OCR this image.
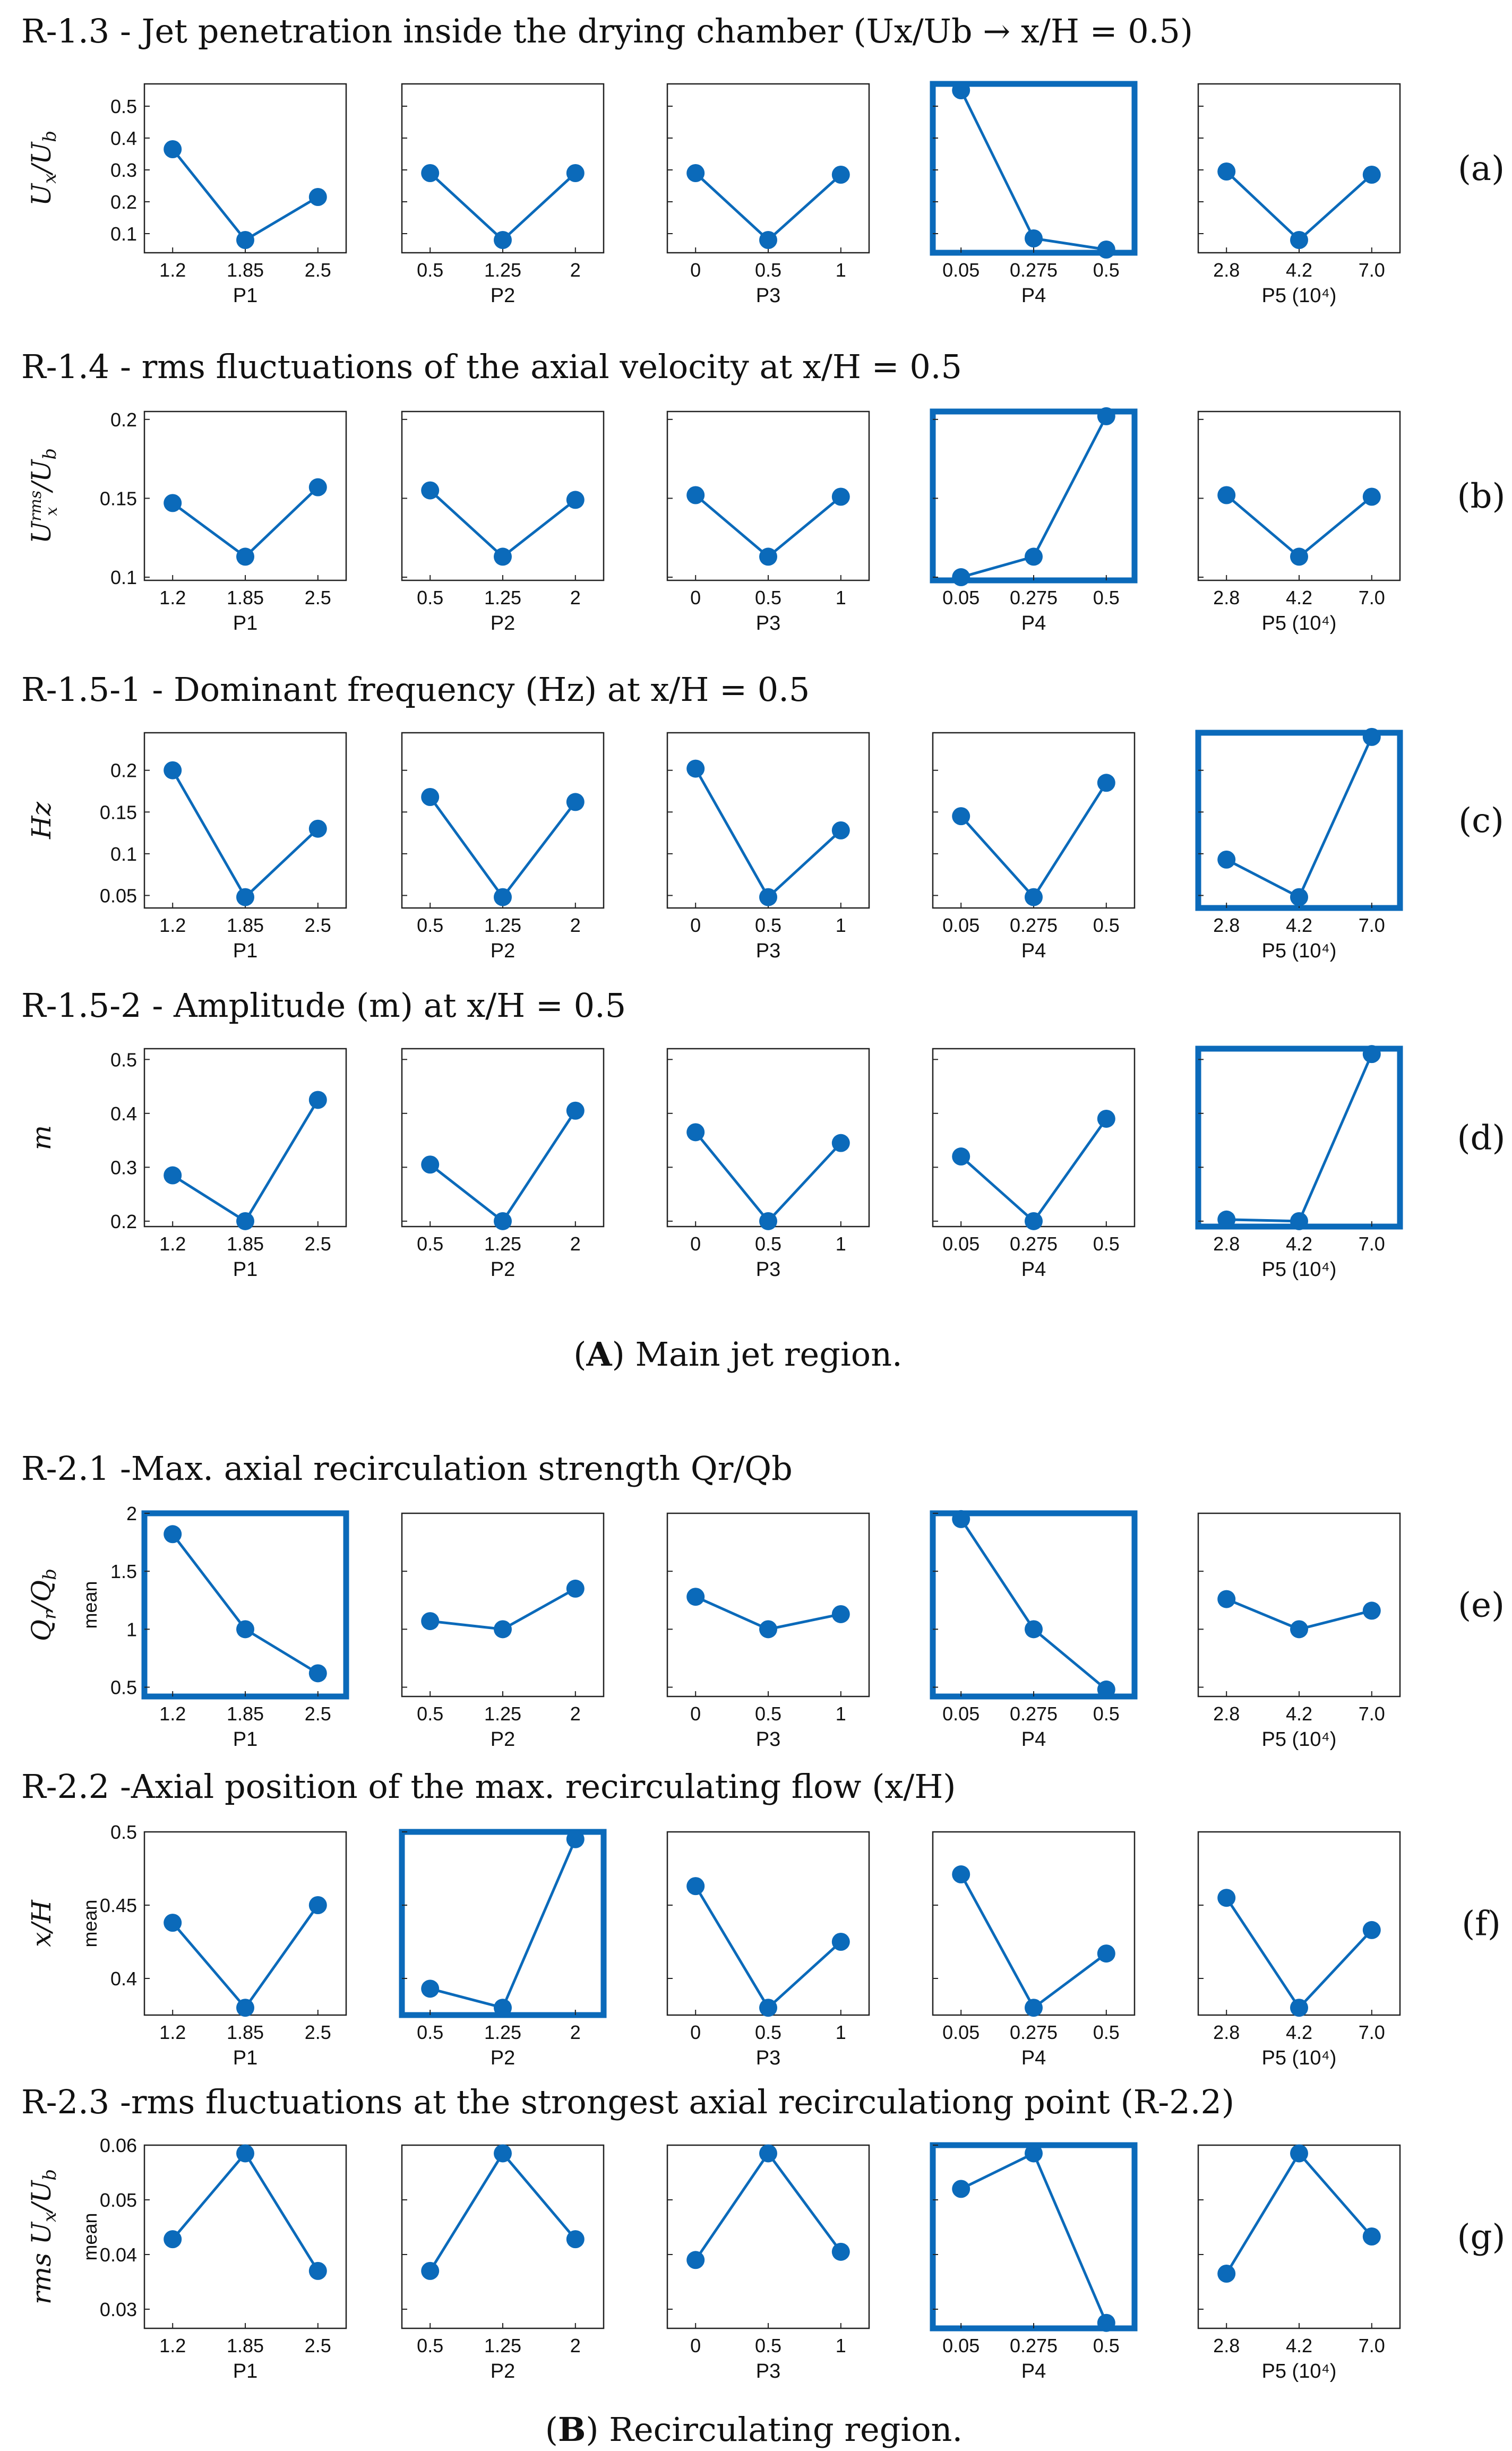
R-1.3 - Jet penetration inside the drying chamber (Ux/Ub → x/H = 0.5)
(a)
$U_x/U_b$
1.2 1.85 2.5
P1
0.1
0.2
0.3
0.4
0.5
0.5 1.25	2
P2
0	0.5	1
P3
0.05 0.275 0.5
P4
2.8 4.2 7.0
P5 (10⁴)
R-1.4 - rms fluctuations of the axial velocity at x/H = 0.5
(b)
$U^{rms}x/U_b$
1.2 1.85 2.5
P1
0.1
0.15
0.2
0.5 1.25	2
P2
0	0.5	1
P3
0.05 0.275 0.5
P4
2.8 4.2 7.0
P5 (10⁴)
R-1.5-1 - Dominant frequency (Hz) at x/H = 0.5
(c)
Hz
1.2 1.85 2.5
P1
0.05
0.1
0.15
0.2
0.5 1.25	2
P2
0	0.5	1
P3
0.05 0.275 0.5
P4
2.8 4.2 7.0
P5 (10⁴)
R-1.5-2 - Amplitude (m) at x/H = 0.5
(d)
m
1.2 1.85 2.5
P1
0.2
0.3
0.4
0.5
0.5 1.25	2
P2
0	0.5	1
P3
0.05 0.275 0.5
P4
2.8 4.2 7.0
P5 (10⁴)
R-2.1 -Max. axial recirculation strength Qr/Qb
(e)
$Q_r/Q_b$
mean
1.2 1.85 2.5
P1
0.5
1
1.5
2
0.5 1.25	2
P2
0	0.5	1
P3
0.05 0.275 0.5
P4
2.8 4.2 7.0
P5 (10⁴)
R-2.2 -Axial position of the max. recirculating flow (x/H)
(f)
x/H mean
1.2 1.85 2.5
P1
0.4
0.45
0.5
0.5 1.25	2
P2
0	0.5	1
P3
0.05 0.275 0.5
P4
2.8 4.2 7.0
P5 (10⁴)
R-2.3 -rms fluctuations at the strongest axial recirculationg point (R-2.2)
(g)
rms $U_x/U_b$
mean
1.2 1.85 2.5
P1
0.03
0.04
0.05
0.06
0.5 1.25	2
P2
0	0.5	1
P3
0.05 0.275 0.5
P4
2.8 4.2 7.0
P5 (10⁴)
(A) Main jet region.
(B) Recirculating region.
